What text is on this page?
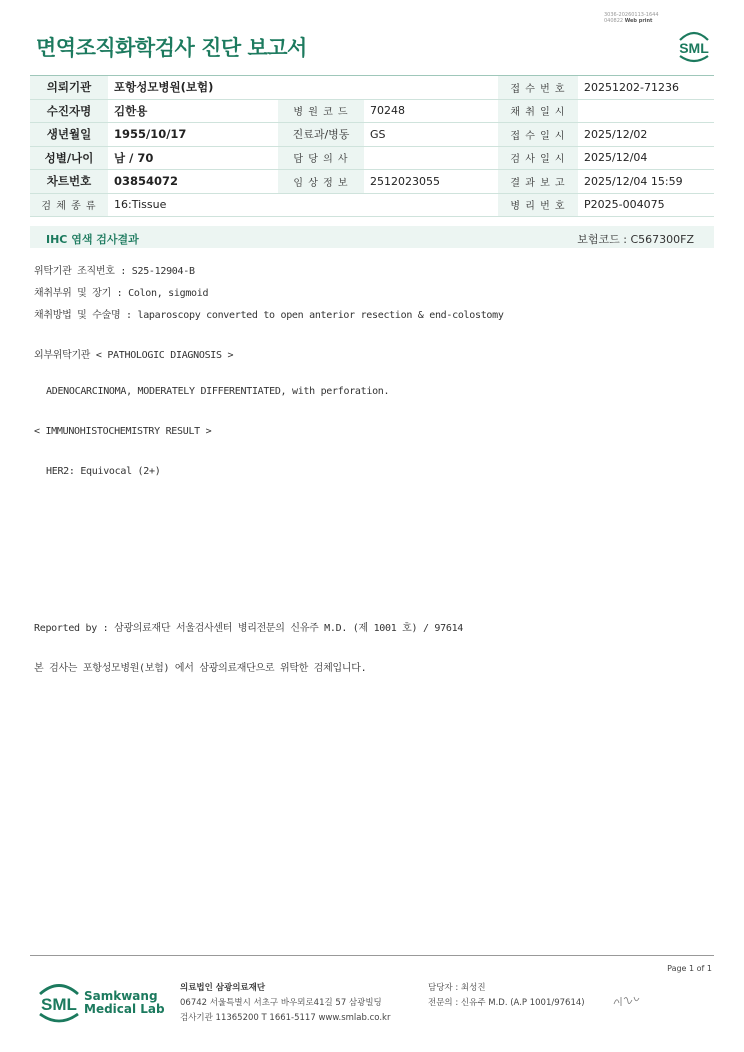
3036-20260113-1644
040822 Web print
면역조직화학검사 진단 보고서	SML
의뢰기관	포항성모병원(보험)			접 수 번 호	20251202-71236
수진자명	김한용	병 원 코 드	70248	채 취 일 시	
생년월일	1955/10/17	진료과/병동	GS	접 수 일 시	2025/12/02
성별/나이	남 / 70	담 당 의 사		검 사 일 시	2025/12/04
차트번호	03854072	임 상 정 보	2512023055	결 과 보 고	2025/12/04 15:59
검 체 종 류	16:Tissue			병 리 번 호	P2025-004075
IHC 염색 검사결과	보험코드 : C567300FZ
위탁기관 조직번호 : S25-12904-B
채취부위 및 장기 : Colon, sigmoid
채취방법 및 수술명 : laparoscopy converted to open anterior resection & end-colostomy
외부위탁기관 < PATHOLOGIC DIAGNOSIS >
ADENOCARCINOMA, MODERATELY DIFFERENTIATED, with perforation.
< IMMUNOHISTOCHEMISTRY RESULT >
HER2: Equivocal (2+)
Reported by : 삼광의료재단 서울검사센터 병리전문의 신유주 M.D. (제 1001 호) / 97614
본 검사는 포항성모병원(보험) 에서 삼광의료재단으로 위탁한 검체입니다.
Page 1 of 1
SML Samkwang
Medical Lab
의료법인 삼광의료재단
06742 서울특별시 서초구 바우뫼로41길 57 삼광빌딩
검사기관 11365200 T 1661-5117 www.smlab.co.kr
담당자 : 최성진
전문의 : 신유주 M.D. (A.P 1001/97614)
